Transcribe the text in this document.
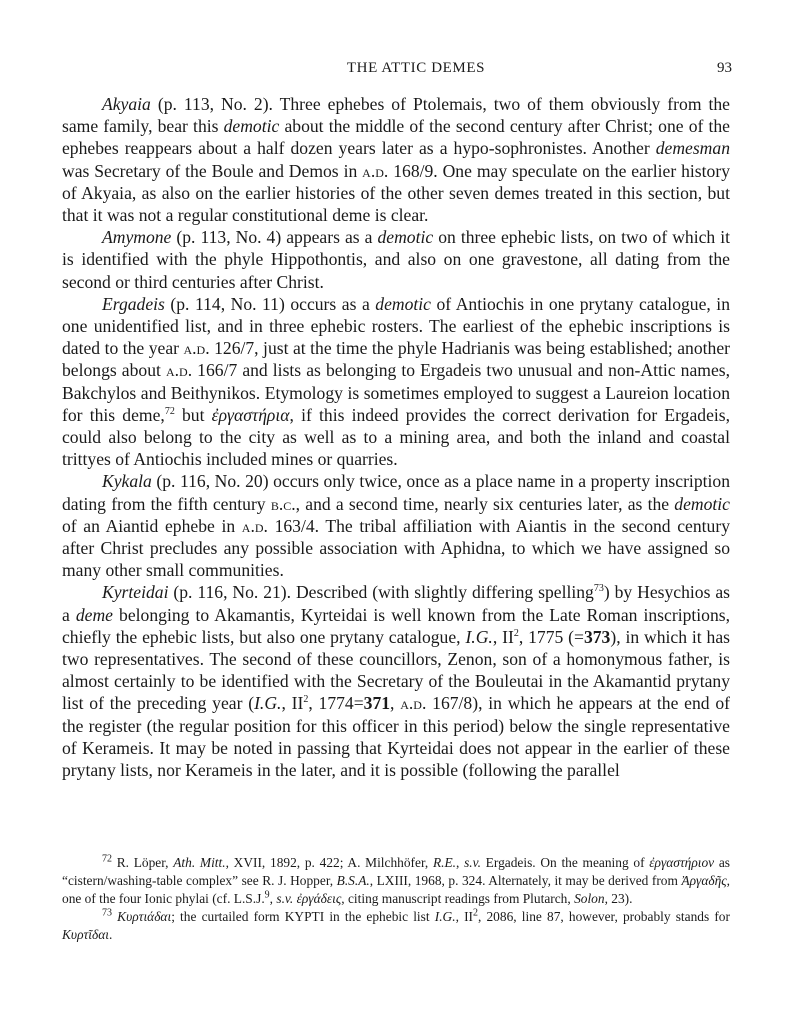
THE ATTIC DEMES	93

Akyaia (p. 113, No. 2). Three ephebes of Ptolemais, two of them obviously from the same family, bear this demotic about the middle of the second century after Christ; one of the ephebes reappears about a half dozen years later as a hypo-sophronistes. Another demesman was Secretary of the Boule and Demos in a.d. 168/9. One may speculate on the earlier history of Akyaia, as also on the earlier histories of the other seven demes treated in this section, but that it was not a regular constitutional deme is clear.

Amymone (p. 113, No. 4) appears as a demotic on three ephebic lists, on two of which it is identified with the phyle Hippothontis, and also on one gravestone, all dating from the second or third centuries after Christ.

Ergadeis (p. 114, No. 11) occurs as a demotic of Antiochis in one prytany catalogue, in one unidentified list, and in three ephebic rosters. The earliest of the ephebic inscriptions is dated to the year a.d. 126/7, just at the time the phyle Hadrianis was being established; another belongs about a.d. 166/7 and lists as belonging to Ergadeis two unusual and non-Attic names, Bakchylos and Beithynikos. Etymology is sometimes employed to suggest a Laureion location for this deme,$^{72}$ but ἐργαστήρια, if this indeed provides the correct derivation for Ergadeis, could also belong to the city as well as to a mining area, and both the inland and coastal trittyes of Antiochis included mines or quarries.

Kykala (p. 116, No. 20) occurs only twice, once as a place name in a property inscription dating from the fifth century b.c., and a second time, nearly six centuries later, as the demotic of an Aiantid ephebe in a.d. 163/4. The tribal affiliation with Aiantis in the second century after Christ precludes any possible association with Aphidna, to which we have assigned so many other small communities.

Kyrteidai (p. 116, No. 21). Described (with slightly differing spelling$^{73}$) by Hesychios as a deme belonging to Akamantis, Kyrteidai is well known from the Late Roman inscriptions, chiefly the ephebic lists, but also one prytany catalogue, I.G., $II^2$, 1775 (=373), in which it has two representatives. The second of these councillors, Zenon, son of a homonymous father, is almost certainly to be identified with the Secretary of the Bouleutai in the Akamantid prytany list of the preceding year (I.G., $II^2$, 1774=371, a.d. 167/8), in which he appears at the end of the register (the regular position for this officer in this period) below the single representative of Kerameis. It may be noted in passing that Kyrteidai does not appear in the earlier of these prytany lists, nor Kerameis in the later, and it is possible (following the parallel

$^{72}$ R. Löper, Ath. Mitt., XVII, 1892, p. 422; A. Milchhöfer, R.E., s.v. Ergadeis. On the meaning of ἐργαστήριον as “cistern/washing-table complex” see R. J. Hopper, B.S.A., LXIII, 1968, p. 324. Alternately, it may be derived from Ἀργαδῆς, one of the four Ionic phylai (cf. L.S.J.$^9$, s.v. ἐργάδεις, citing manuscript readings from Plutarch, Solon, 23).

$^{73}$ Κυρτιάδαι; the curtailed form KYPTI in the ephebic list I.G., $II^2$, 2086, line 87, however, probably stands for Κυρτῖδαι.
